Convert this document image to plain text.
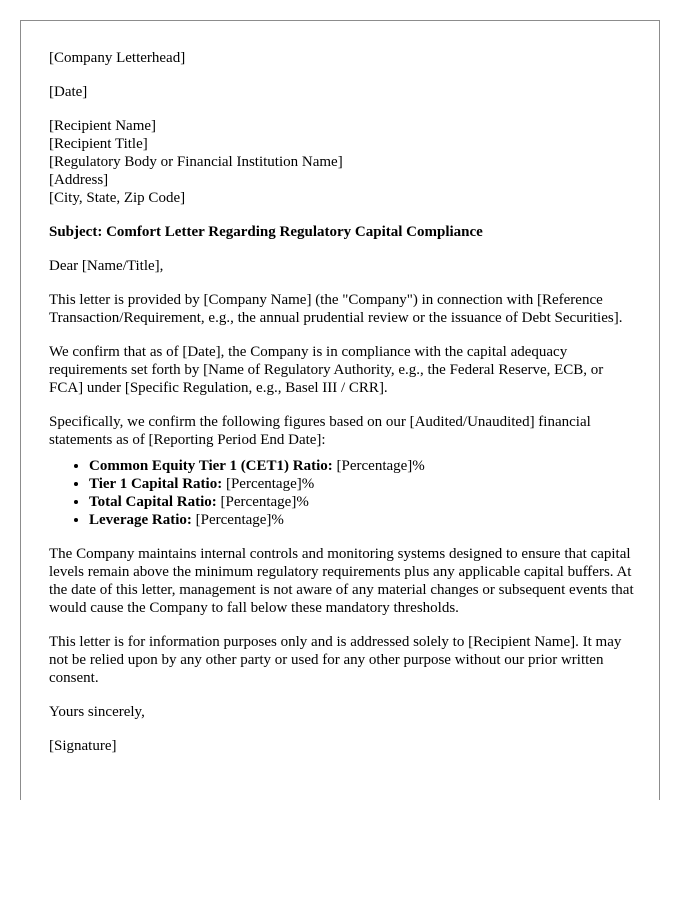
[Company Letterhead]

[Date]

[Recipient Name]
[Recipient Title]
[Regulatory Body or Financial Institution Name]
[Address]
[City, State, Zip Code]

Subject: Comfort Letter Regarding Regulatory Capital Compliance

Dear [Name/Title],

This letter is provided by [Company Name] (the "Company") in connection with [Reference Transaction/Requirement, e.g., the annual prudential review or the issuance of Debt Securities].

We confirm that as of [Date], the Company is in compliance with the capital adequacy requirements set forth by [Name of Regulatory Authority, e.g., the Federal Reserve, ECB, or FCA] under [Specific Regulation, e.g., Basel III / CRR].

Specifically, we confirm the following figures based on our [Audited/Unaudited] financial statements as of [Reporting Period End Date]:

• Common Equity Tier 1 (CET1) Ratio: [Percentage]%
• Tier 1 Capital Ratio: [Percentage]%
• Total Capital Ratio: [Percentage]%
• Leverage Ratio: [Percentage]%

The Company maintains internal controls and monitoring systems designed to ensure that capital levels remain above the minimum regulatory requirements plus any applicable capital buffers. At the date of this letter, management is not aware of any material changes or subsequent events that would cause the Company to fall below these mandatory thresholds.

This letter is for information purposes only and is addressed solely to [Recipient Name]. It may not be relied upon by any other party or used for any other purpose without our prior written consent.

Yours sincerely,

[Signature]
